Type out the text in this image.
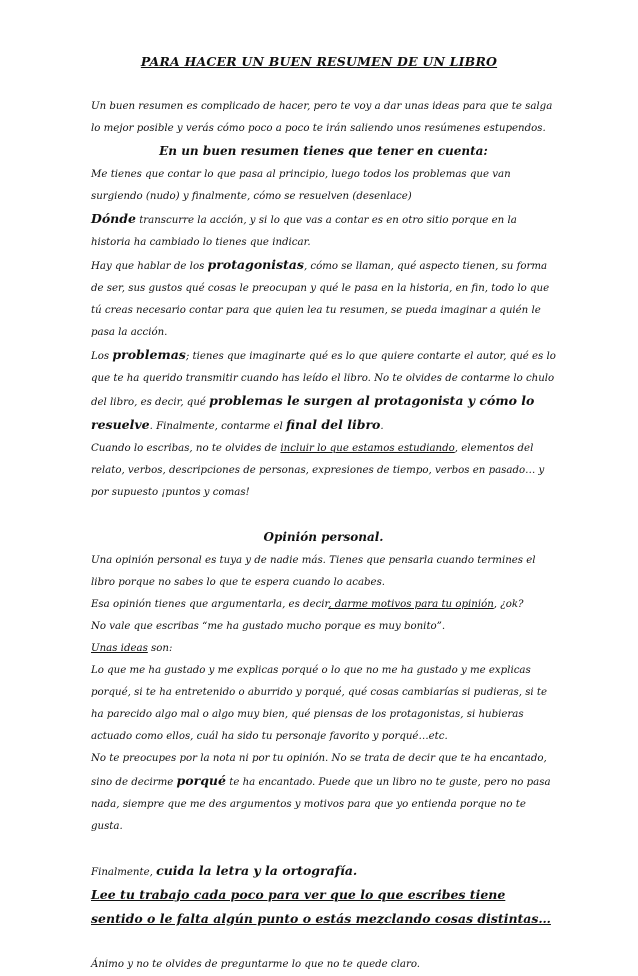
PARA HACER UN BUEN RESUMEN DE UN LIBRO

Un buen resumen es complicado de hacer, pero te voy a dar unas ideas para que te salga lo mejor posible y verás cómo poco a poco te irán saliendo unos resúmenes estupendos.

En un buen resumen tienes que tener en cuenta:

Me tienes que contar lo que pasa al principio, luego todos los problemas que van surgiendo (nudo) y finalmente, cómo se resuelven (desenlace)

Dónde transcurre la acción, y si lo que vas a contar es en otro sitio porque en la historia ha cambiado lo tienes que indicar.

Hay que hablar de los protagonistas, cómo se llaman, qué aspecto tienen, su forma de ser, sus gustos qué cosas le preocupan y qué le pasa en la historia, en fin, todo lo que tú creas necesario contar para que quien lea tu resumen, se pueda imaginar a quién le pasa la acción.

Los problemas; tienes que imaginarte qué es lo que quiere contarte el autor, qué es lo que te ha querido transmitir cuando has leído el libro. No te olvides de contarme lo chulo del libro, es decir, qué problemas le surgen al protagonista y cómo lo resuelve. Finalmente, contarme el final del libro.

Cuando lo escribas, no te olvides de incluir lo que estamos estudiando, elementos del relato, verbos, descripciones de personas, expresiones de tiempo, verbos en pasado… y por supuesto ¡puntos y comas!

Opinión personal.

Una opinión personal es tuya y de nadie más. Tienes que pensarla cuando termines el libro porque no sabes lo que te espera cuando lo acabes.

Esa opinión tienes que argumentarla, es decir, darme motivos para tu opinión, ¿ok?

No vale que escribas “me ha gustado mucho porque es muy bonito”.

Unas ideas son:

Lo que me ha gustado y me explicas porqué o lo que no me ha gustado y me explicas porqué, si te ha entretenido o aburrido y porqué, qué cosas cambiarías si pudieras, si te ha parecido algo mal o algo muy bien, qué piensas de los protagonistas, si hubieras actuado como ellos, cuál ha sido tu personaje favorito y porqué…etc.

No te preocupes por la nota ni por tu opinión. No se trata de decir que te ha encantado, sino de decirme porqué te ha encantado. Puede que un libro no te guste, pero no pasa nada, siempre que me des argumentos y motivos para que yo entienda porque no te gusta.

Finalmente, cuida la letra y la ortografía.

Lee tu trabajo cada poco para ver que lo que escribes tiene sentido o le falta algún punto o estás mezclando cosas distintas…

Ánimo y no te olvides de preguntarme lo que no te quede claro.
